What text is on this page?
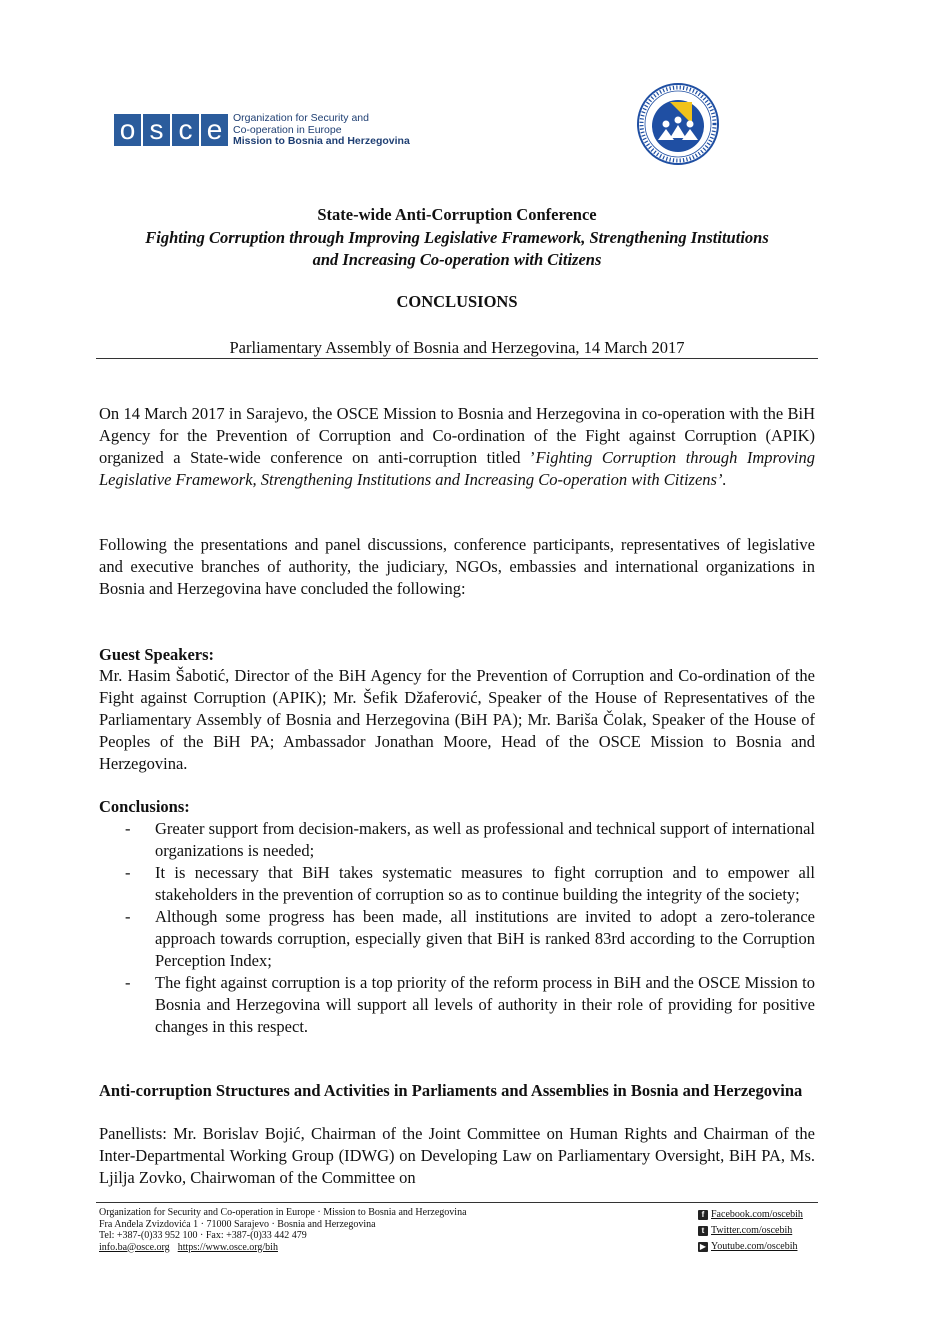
o s c e	Organization for Security and
Co-operation in Europe
Mission to Bosnia and Herzegovina
State-wide Anti-Corruption Conference
Fighting Corruption through Improving Legislative Framework, Strengthening Institutions
and Increasing Co-operation with Citizens
CONCLUSIONS
Parliamentary Assembly of Bosnia and Herzegovina, 14 March 2017

On 14 March 2017 in Sarajevo, the OSCE Mission to Bosnia and Herzegovina in co-operation with the BiH Agency for the Prevention of Corruption and Co-ordination of the Fight against Corruption (APIK) organized a State-wide conference on anti-corruption titled ’Fighting Corruption through Improving Legislative Framework, Strengthening Institutions and Increasing Co-operation with Citizens’.

Following the presentations and panel discussions, conference participants, representatives of legislative and executive branches of authority, the judiciary, NGOs, embassies and international organizations in Bosnia and Herzegovina have concluded the following:

Guest Speakers:

Mr. Hasim Šabotić, Director of the BiH Agency for the Prevention of Corruption and Co-ordination of the Fight against Corruption (APIK); Mr. Šefik Džaferović, Speaker of the House of Representatives of the Parliamentary Assembly of Bosnia and Herzegovina (BiH PA); Mr. Bariša Čolak, Speaker of the House of Peoples of the BiH PA; Ambassador Jonathan Moore, Head of the OSCE Mission to Bosnia and Herzegovina.

Conclusions:
- Greater support from decision-makers, as well as professional and technical support of international organizations is needed;
- It is necessary that BiH takes systematic measures to fight corruption and to empower all stakeholders in the prevention of corruption so as to continue building the integrity of the society;
- Although some progress has been made, all institutions are invited to adopt a zero-tolerance approach towards corruption, especially given that BiH is ranked 83rd according to the Corruption Perception Index;
- The fight against corruption is a top priority of the reform process in BiH and the OSCE Mission to Bosnia and Herzegovina will support all levels of authority in their role of providing for positive changes in this respect.
Anti-corruption Structures and Activities in Parliaments and Assemblies in Bosnia and Herzegovina

Panellists: Mr. Borislav Bojić, Chairman of the Joint Committee on Human Rights and Chairman of the Inter-Departmental Working Group (IDWG) on Developing Law on Parliamentary Oversight, BiH PA, Ms. Ljilja Zovko, Chairwoman of the Committee on

Organization for Security and Co-operation in Europe · Mission to Bosnia and Herzegovina
Fra Anđela Zvizdovića 1 · 71000 Sarajevo · Bosnia and Herzegovina
Tel: +387-(0)33 952 100 · Fax: +387-(0)33 442 479
info.ba@osce.org https://www.osce.org/bih
f Facebook.com/oscebih
t Twitter.com/oscebih
▶ Youtube.com/oscebih
